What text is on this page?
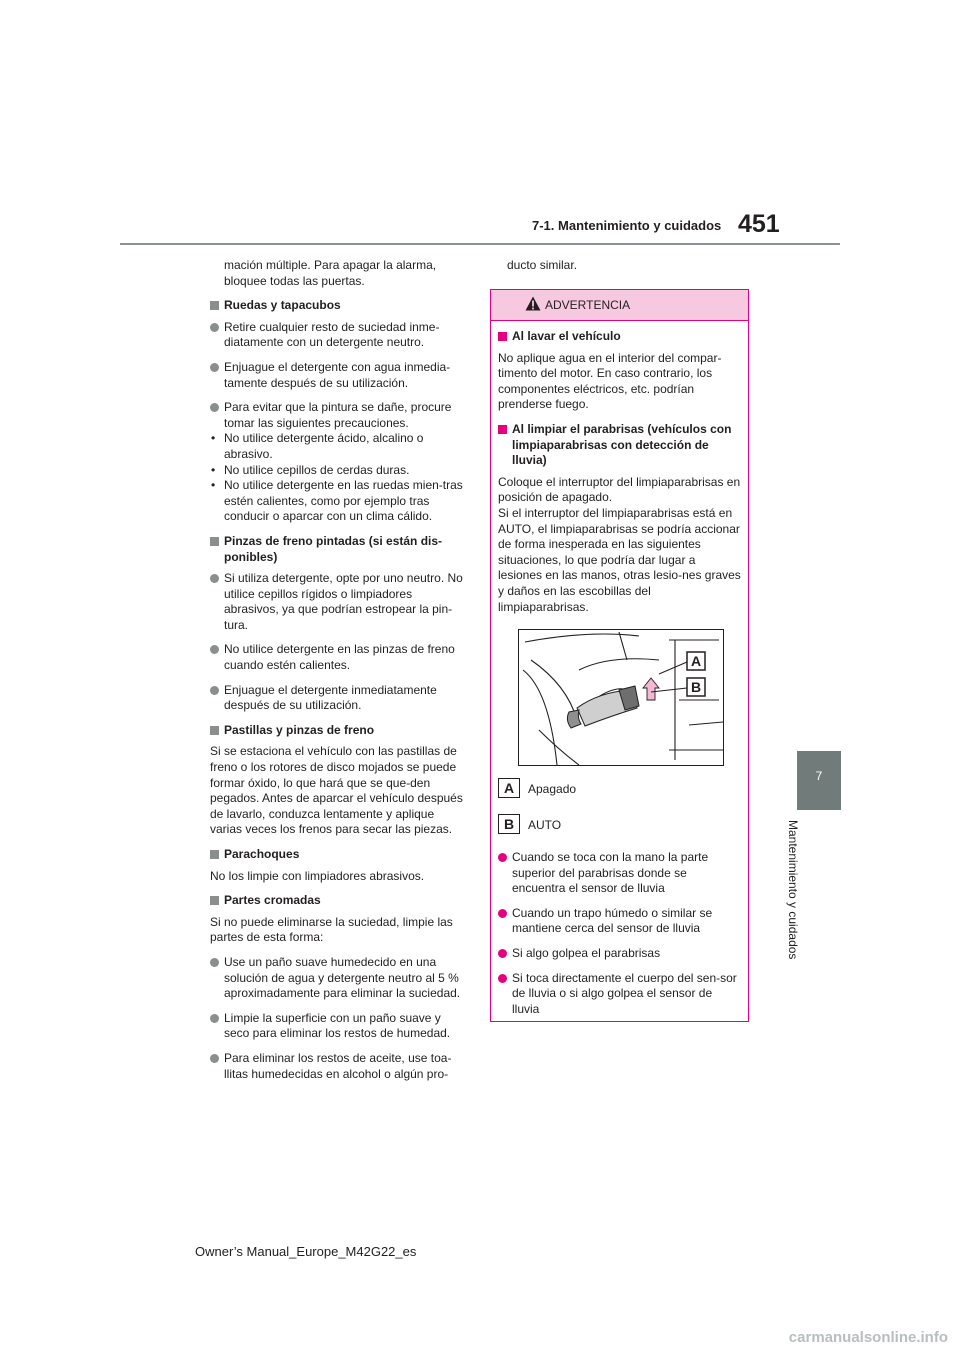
7-1. Mantenimiento y cuidados 451
7
Mantenimiento y cuidados
mación múltiple. Para apagar la alarma, bloquee todas las puertas.
Ruedas y tapacubos
Retire cualquier resto de suciedad inme-diatamente con un detergente neutro.
Enjuague el detergente con agua inmedia-tamente después de su utilización.
Para evitar que la pintura se dañe, procure tomar las siguientes precauciones.
• No utilice detergente ácido, alcalino o abrasivo.
• No utilice cepillos de cerdas duras.
• No utilice detergente en las ruedas mien-tras estén calientes, como por ejemplo tras conducir o aparcar con un clima cálido.
Pinzas de freno pintadas (si están dis-ponibles)
Si utiliza detergente, opte por uno neutro. No utilice cepillos rígidos o limpiadores abrasivos, ya que podrían estropear la pin-tura.
No utilice detergente en las pinzas de freno cuando estén calientes.
Enjuague el detergente inmediatamente después de su utilización.
Pastillas y pinzas de freno
Si se estaciona el vehículo con las pastillas de freno o los rotores de disco mojados se puede formar óxido, lo que hará que se que-den pegados. Antes de aparcar el vehículo después de lavarlo, conduzca lentamente y aplique varias veces los frenos para secar las piezas.
Parachoques
No los limpie con limpiadores abrasivos.
Partes cromadas
Si no puede eliminarse la suciedad, limpie las partes de esta forma:
Use un paño suave humedecido en una solución de agua y detergente neutro al 5 % aproximadamente para eliminar la suciedad.
Limpie la superficie con un paño suave y seco para eliminar los restos de humedad.
Para eliminar los restos de aceite, use toa-llitas humedecidas en alcohol o algún pro-
ducto similar.
ADVERTENCIA
Al lavar el vehículo
No aplique agua en el interior del compar-timento del motor. En caso contrario, los componentes eléctricos, etc. podrían prenderse fuego.
Al limpiar el parabrisas (vehículos con limpiaparabrisas con detección de lluvia)
Coloque el interruptor del limpiaparabrisas en posición de apagado.
Si el interruptor del limpiaparabrisas está en AUTO, el limpiaparabrisas se podría accionar de forma inesperada en las siguientes situaciones, lo que podría dar lugar a lesiones en las manos, otras lesio-nes graves y daños en las escobillas del limpiaparabrisas.
A
B
A	Apagado
B	AUTO
Cuando se toca con la mano la parte superior del parabrisas donde se encuentra el sensor de lluvia
Cuando un trapo húmedo o similar se mantiene cerca del sensor de lluvia
Si algo golpea el parabrisas
Si toca directamente el cuerpo del sen-sor de lluvia o si algo golpea el sensor de lluvia
Owner’s Manual_Europe_M42G22_es
carmanualsonline.info
